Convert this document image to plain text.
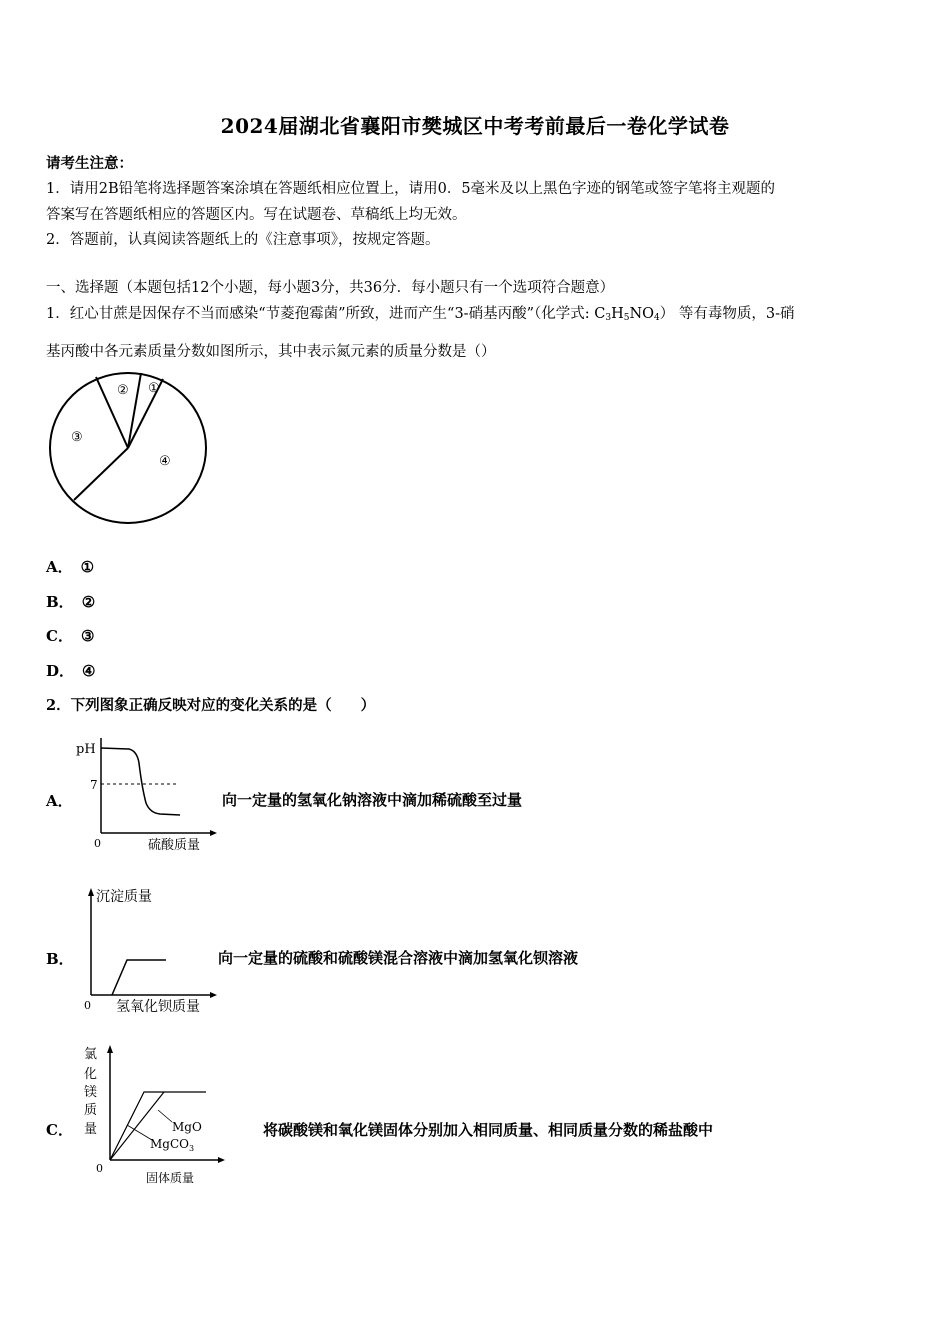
2024届湖北省襄阳市樊城区中考考前最后一卷化学试卷
请考生注意：
1．请用2B铅笔将选择题答案涂填在答题纸相应位置上，请用0．5毫米及以上黑色字迹的钢笔或签字笔将主观题的
答案写在答题纸相应的答题区内。写在试题卷、草稿纸上均无效。
2．答题前，认真阅读答题纸上的《注意事项》，按规定答题。
一、选择题（本题包括12个小题，每小题3分，共36分．每小题只有一个选项符合题意）
1．红心甘蔗是因保存不当而感染“节菱孢霉菌”所致，进而产生“3-硝基丙酸”（化学式: $C_3H_5NO_4$） 等有毒物质，3-硝
基丙酸中各元素质量分数如图所示，其中表示氮元素的质量分数是（）
①
②
③
④
A． ①
B． ②
C． ③
D． ④
2．下列图象正确反映对应的变化关系的是（　　）
A．
pH
7
0	硫酸质量
向一定量的氢氧化钠溶液中滴加稀硫酸至过量
B．
沉淀质量
0 氢氧化钡质量
向一定量的硫酸和硫酸镁混合溶液中滴加氢氧化钡溶液
C．
氯
化
镁
质
量
0
固体质量
MgO
MgCO$_3$
将碳酸镁和氧化镁固体分别加入相同质量、相同质量分数的稀盐酸中
